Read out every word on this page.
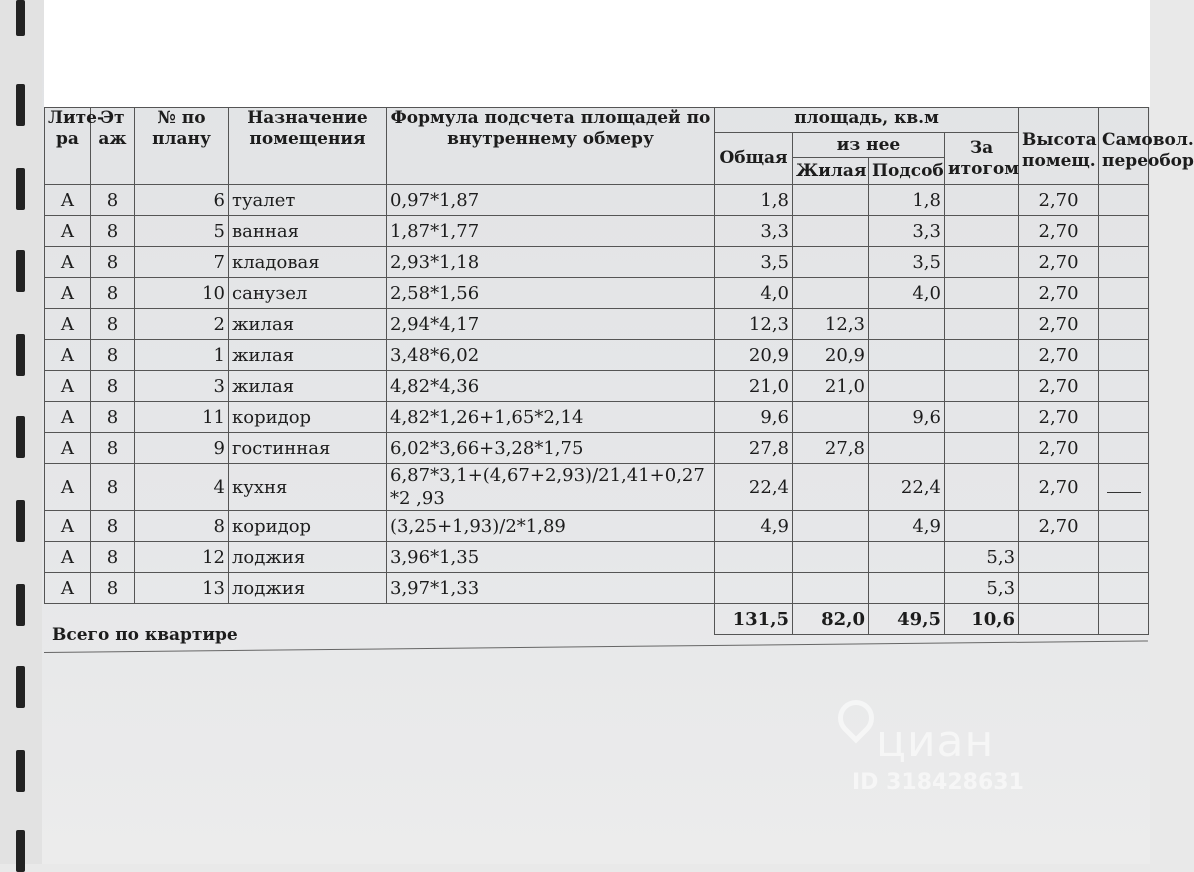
Лите-ра	Эт аж	№ по плану	Назначение помещения	Формула подсчета площадей по внутреннему обмеру	площадь, кв.м				Высота помещ.	Самовол. переобор
					Общая	из нее		За итогом		
						Жилая	Подсоб			
А	8	6	туалет	0,97*1,87	1,8		1,8		2,70	
А	8	5	ванная	1,87*1,77	3,3		3,3		2,70	
А	8	7	кладовая	2,93*1,18	3,5		3,5		2,70	
А	8	10	санузел	2,58*1,56	4,0		4,0		2,70	
А	8	2	жилая	2,94*4,17	12,3	12,3			2,70	
А	8	1	жилая	3,48*6,02	20,9	20,9			2,70	
А	8	3	жилая	4,82*4,36	21,0	21,0			2,70	
А	8	11	коридор	4,82*1,26+1,65*2,14	9,6		9,6		2,70	
А	8	9	гостинная	6,02*3,66+3,28*1,75	27,8	27,8			2,70	
А	8	4	кухня	6,87*3,1+(4,67+2,93)/21,41+0,27*2 ,93	22,4		22,4		2,70	
А	8	8	коридор	(3,25+1,93)/2*1,89	4,9		4,9		2,70	
А	8	12	лоджия	3,96*1,35				5,3		
А	8	13	лоджия	3,97*1,33				5,3		
					131,5	82,0	49,5	10,6		
Всего по квартире
циан
ID 318428631
